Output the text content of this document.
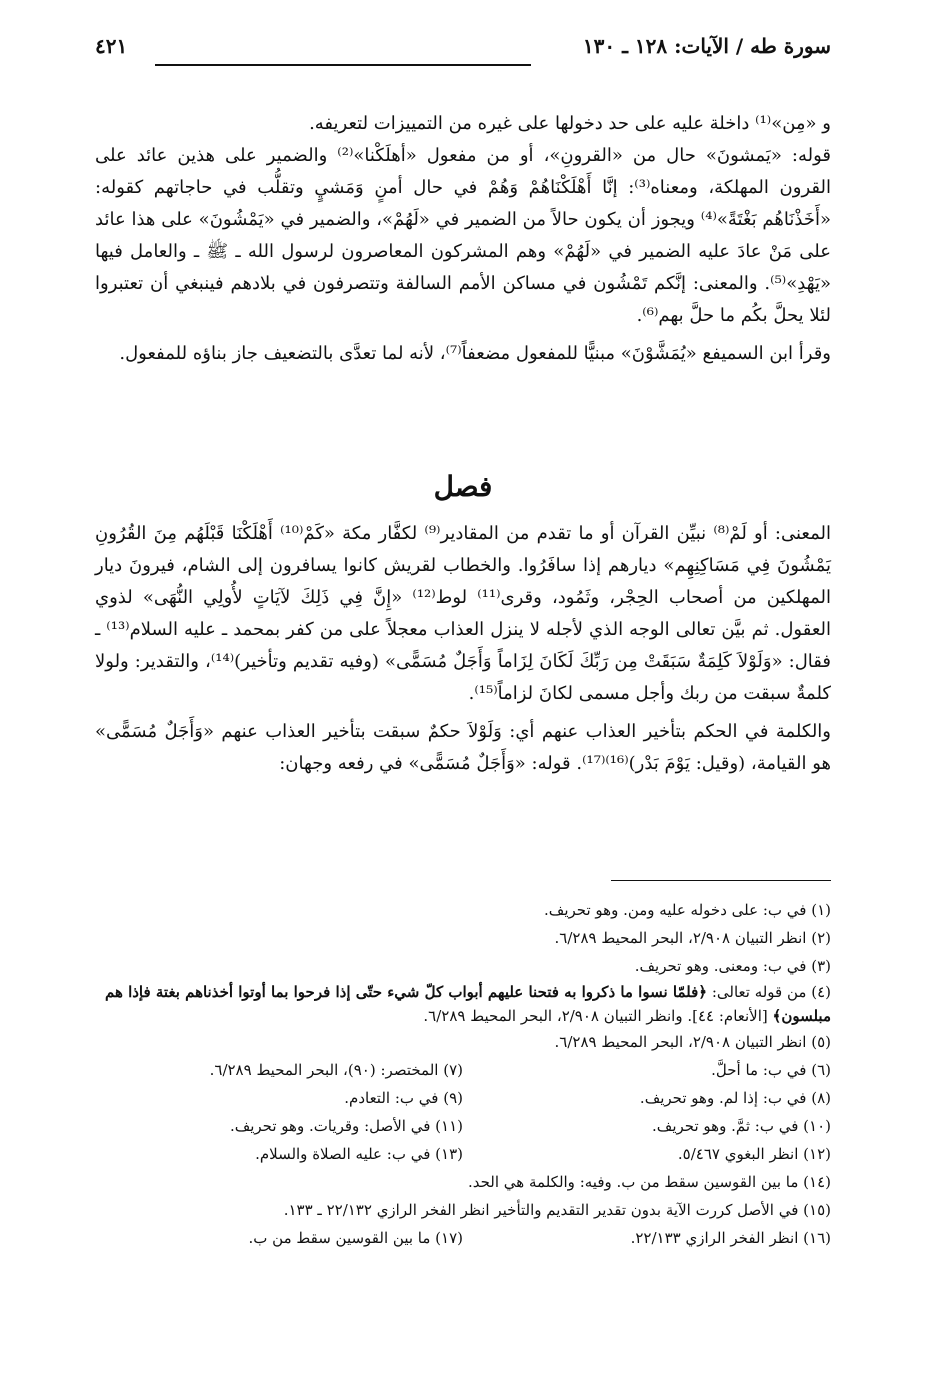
سورة طه / الآيات: ١٢٨ ـ ١٣٠
٤٢١

و «مِن»⁽¹⁾ داخلة عليه على حد دخولها على غيره من التمييزات لتعريفه.

قوله: «يَمشونَ» حال من «القرونِ»، أو من مفعول «أهلَكْنا»⁽²⁾ والضمير على هذين عائد على القرون المهلكة، ومعناه⁽³⁾: إنَّا أَهْلَكْنَاهُمْ وَهُمْ في حال أمنٍ وَمَشيٍ وتقلُّب في حاجاتهم كقوله: «أَخَذْنَاهُم بَغْتَةً»⁽⁴⁾ ويجوز أن يكون حالاً من الضمير في «لَهُمْ»، والضمير في «يَمْشُونَ» على هذا عائد على مَنْ عادَ عليه الضمير في «لَهُمْ» وهم المشركون المعاصرون لرسول الله ـ ﷺ ـ والعامل فيها «يَهْدِ»⁽⁵⁾. والمعنى: إنَّكم تَمْشُون في مساكن الأمم السالفة وتتصرفون في بلادهم فينبغي أن تعتبروا لئلا يحلَّ بكُم ما حلَّ بهم⁽⁶⁾.

وقرأ ابن السميفع «يُمَشَّوْنَ» مبنيًّا للمفعول مضعفاً⁽⁷⁾، لأنه لما تعدَّى بالتضعيف جاز بناؤه للمفعول.

فصل

المعنى: أو لَمْ⁽⁸⁾ نبيِّن القرآن أو ما تقدم من المقادير⁽⁹⁾ لكفَّار مكة «كَمْ⁽¹⁰⁾ أَهْلَكْنَا قَبْلَهُم مِنَ القُرُونِ يَمْشُونَ فِي مَسَاكِنِهِم» ديارهم إذا سافَرُوا. والخطاب لقريش كانوا يسافرون إلى الشام، فيرونَ ديار المهلكين من أصحاب الحِجْر، وثَمُود، وقرى⁽¹¹⁾ لوط⁽¹²⁾ «إِنَّ فِي ذَلِكَ لآيَاتٍ لأُولِي النُّهَى» لذوي العقول. ثم بيَّن تعالى الوجه الذي لأجله لا ينزل العذاب معجلاً على من كفر بمحمد ـ عليه السلام⁽¹³⁾ ـ فقال: «وَلَوْلاَ كَلِمَةٌ سَبَقَتْ مِن رَبِّكَ لَكَانَ لِزَاماً وَأَجَلٌ مُسَمًّى» (وفيه تقديم وتأخير)⁽¹⁴⁾، والتقدير: ولولا كلمةٌ سبقت من ربك وأجل مسمى لكانَ لزاماً⁽¹⁵⁾.

والكلمة في الحكم بتأخير العذاب عنهم أي: وَلَوْلاَ حكمٌ سبقت بتأخير العذاب عنهم «وَأَجَلٌ مُسَمًّى» هو القيامة، (وقيل: يَوْمَ بَدْر)⁽¹⁶⁾⁽¹⁷⁾. قوله: «وَأَجَلٌ مُسَمًّى» في رفعه وجهان:

(١) في ب: على دخوله عليه ومن. وهو تحريف.

(٢) انظر التبيان ٢/٩٠٨، البحر المحيط ٦/٢٨٩.

(٣) في ب: ومعنى. وهو تحريف.

(٤) من قوله تعالى: ﴿فلمّا نسوا ما ذكروا به فتحنا عليهم أبواب كلّ شيء حتّى إذا فرحوا بما أوتوا أخذناهم بغتة فإذا هم مبلسون﴾ [الأنعام: ٤٤]. وانظر التبيان ٢/٩٠٨، البحر المحيط ٦/٢٨٩.

(٥) انظر التبيان ٢/٩٠٨، البحر المحيط ٦/٢٨٩.

(٦) في ب: ما أحلَّ.
(٧) المختصر: (٩٠)، البحر المحيط ٦/٢٨٩.
(٨) في ب: إذا لم. وهو تحريف.
(٩) في ب: التعادم.
(١٠) في ب: ثمَّ. وهو تحريف.
(١١) في الأصل: وقريات. وهو تحريف.
(١٢) انظر البغوي ٥/٤٦٧.
(١٣) في ب: عليه الصلاة والسلام.

(١٤) ما بين القوسين سقط من ب. وفيه: والكلمة هي الحد.

(١٥) في الأصل كررت الآية بدون تقدير التقديم والتأخير انظر الفخر الرازي ٢٢/١٣٢ ـ ١٣٣.

(١٦) انظر الفخر الرازي ٢٢/١٣٣.
(١٧) ما بين القوسين سقط من ب.
